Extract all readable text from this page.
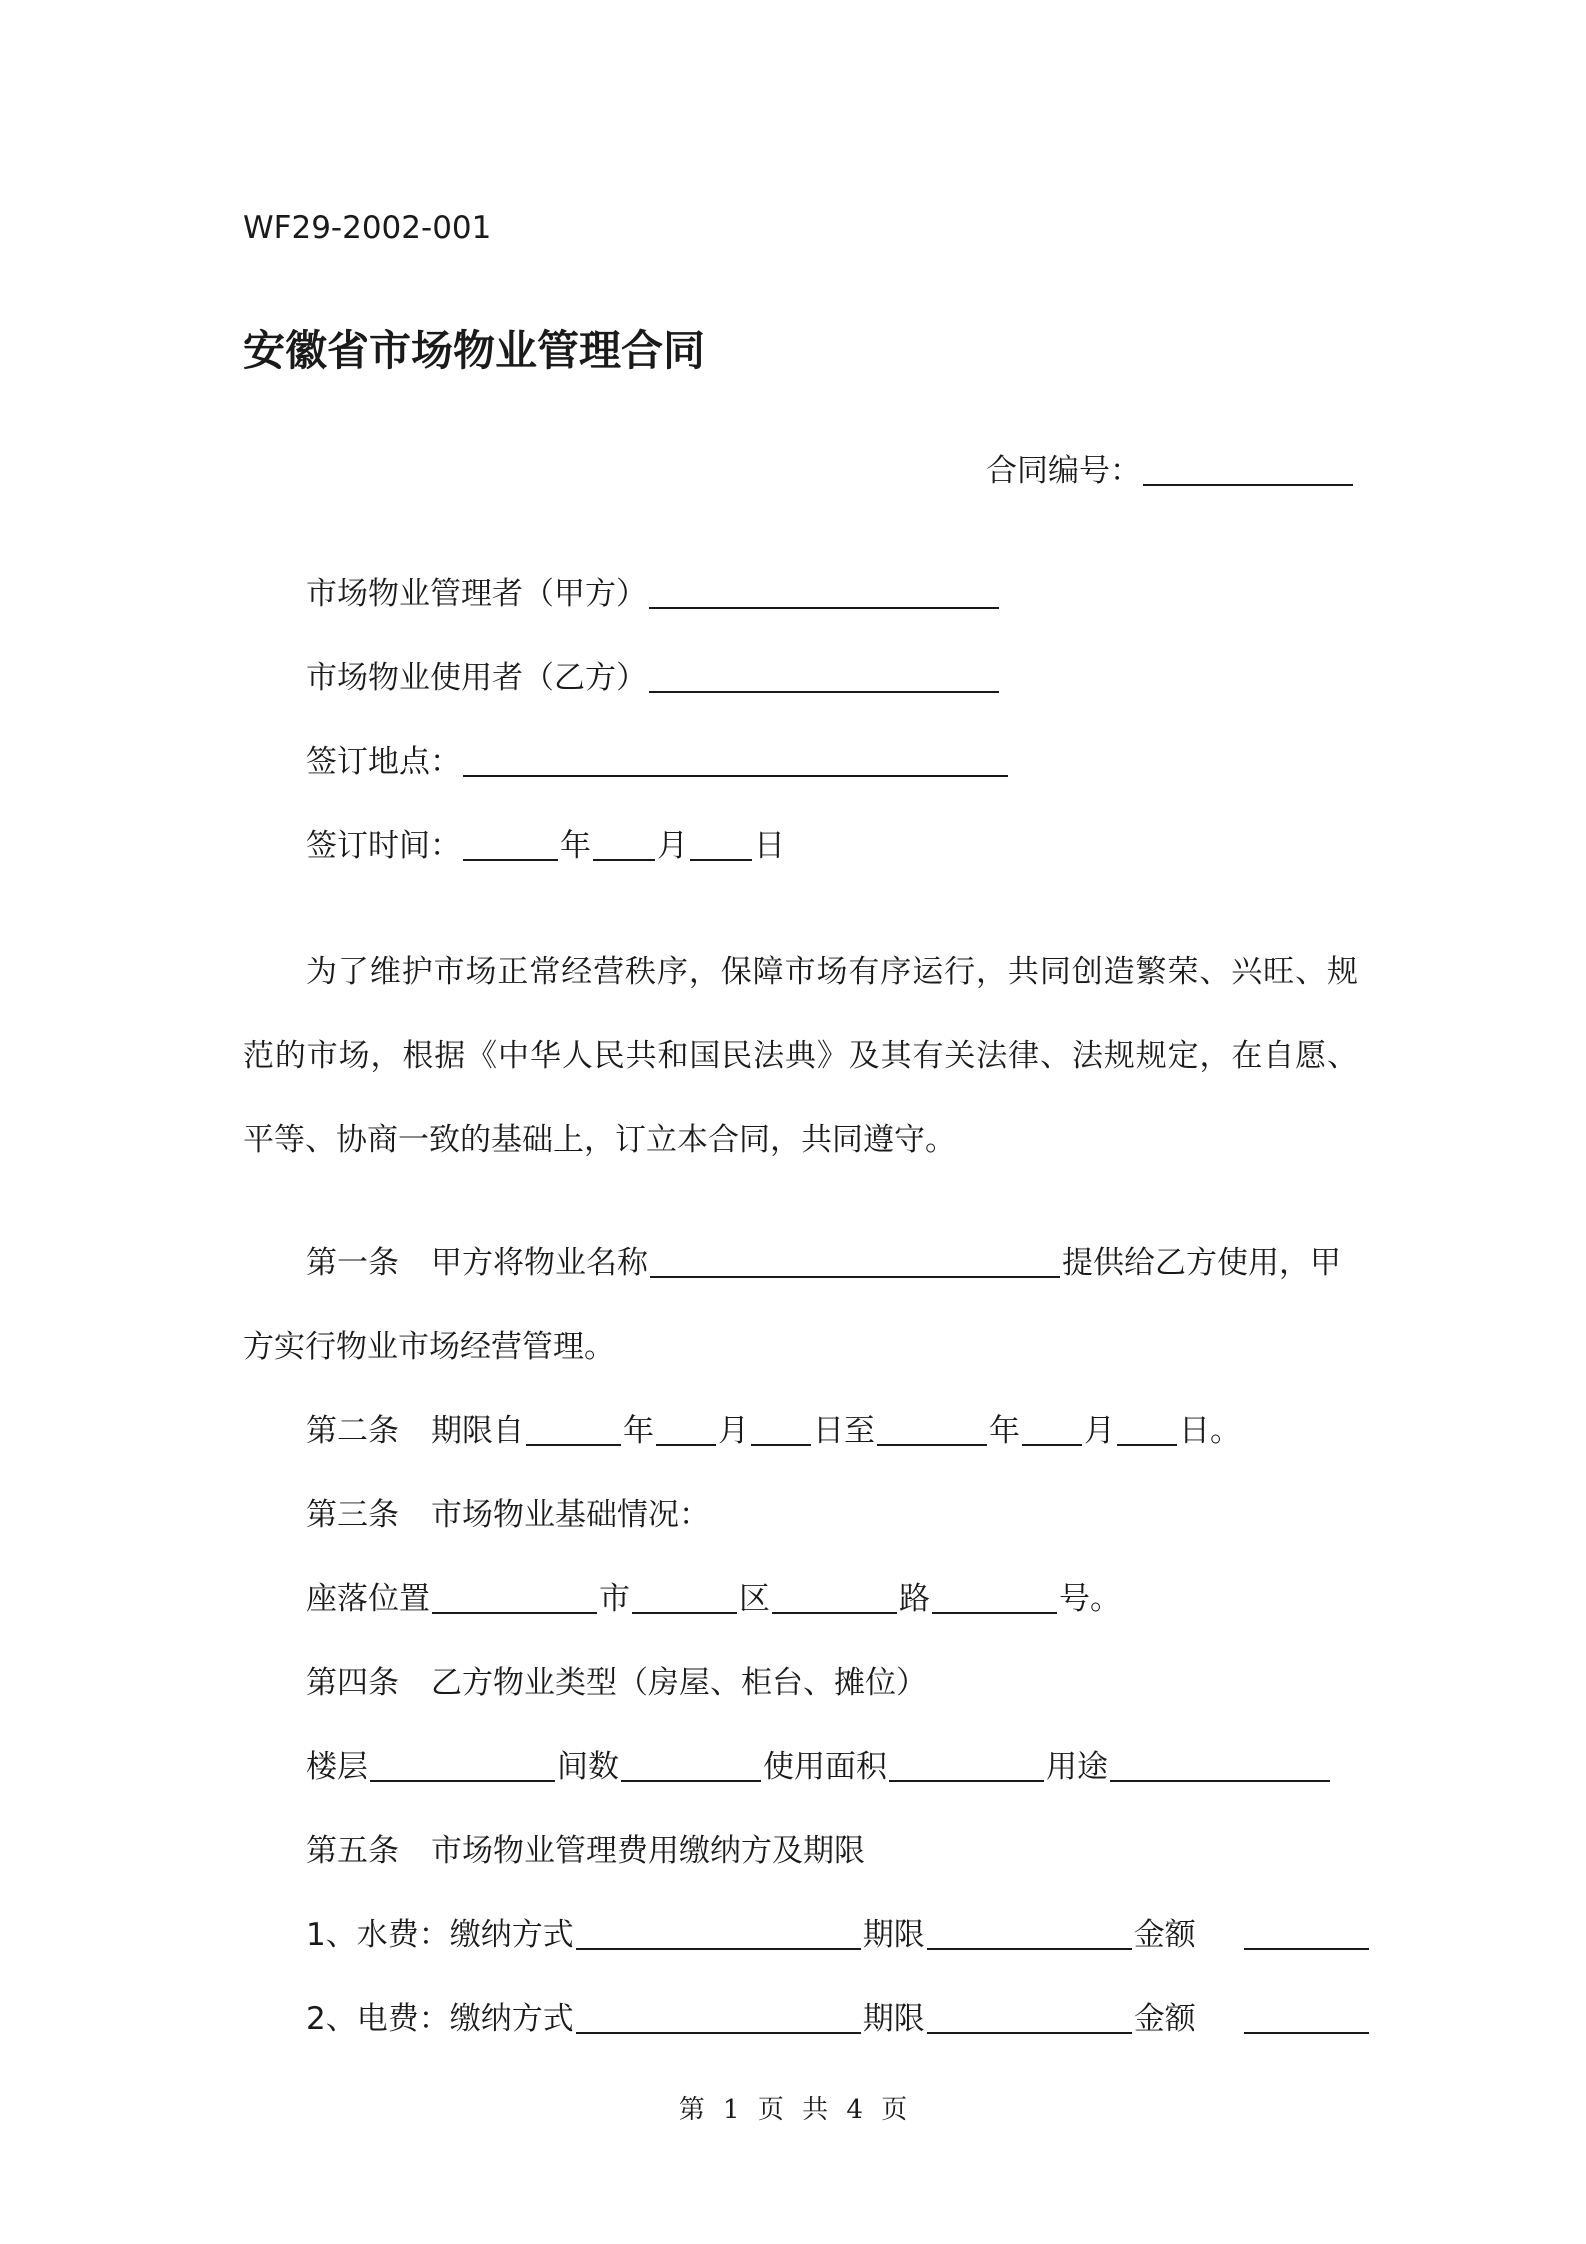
WF29-2002-001
安徽省市场物业管理合同
合同编号：
市场物业管理者（甲方）
市场物业使用者（乙方）
签订地点：
签订时间：	年 月 日
为了维护市场正常经营秩序，保障市场有序运行，共同创造繁荣、兴旺、规范的市场，根据《中华人民共和国民法典》及其有关法律、法规规定，在自愿、平等、协商一致的基础上，订立本合同，共同遵守。
第一条 甲方将物业名称	提供给乙方使用，甲
方实行物业市场经营管理。
第二条 期限自	年 月 日至	年 月 日。
第三条 市场物业基础情况：
座落位置	市	区	路	号。
第四条 乙方物业类型（房屋、柜台、摊位）
楼层	间数	使用面积	用途
第五条 市场物业管理费用缴纳方及期限
1、水费：缴纳方式	期限	金额
2、电费：缴纳方式	期限	金额
第 1 页 共 4 页
